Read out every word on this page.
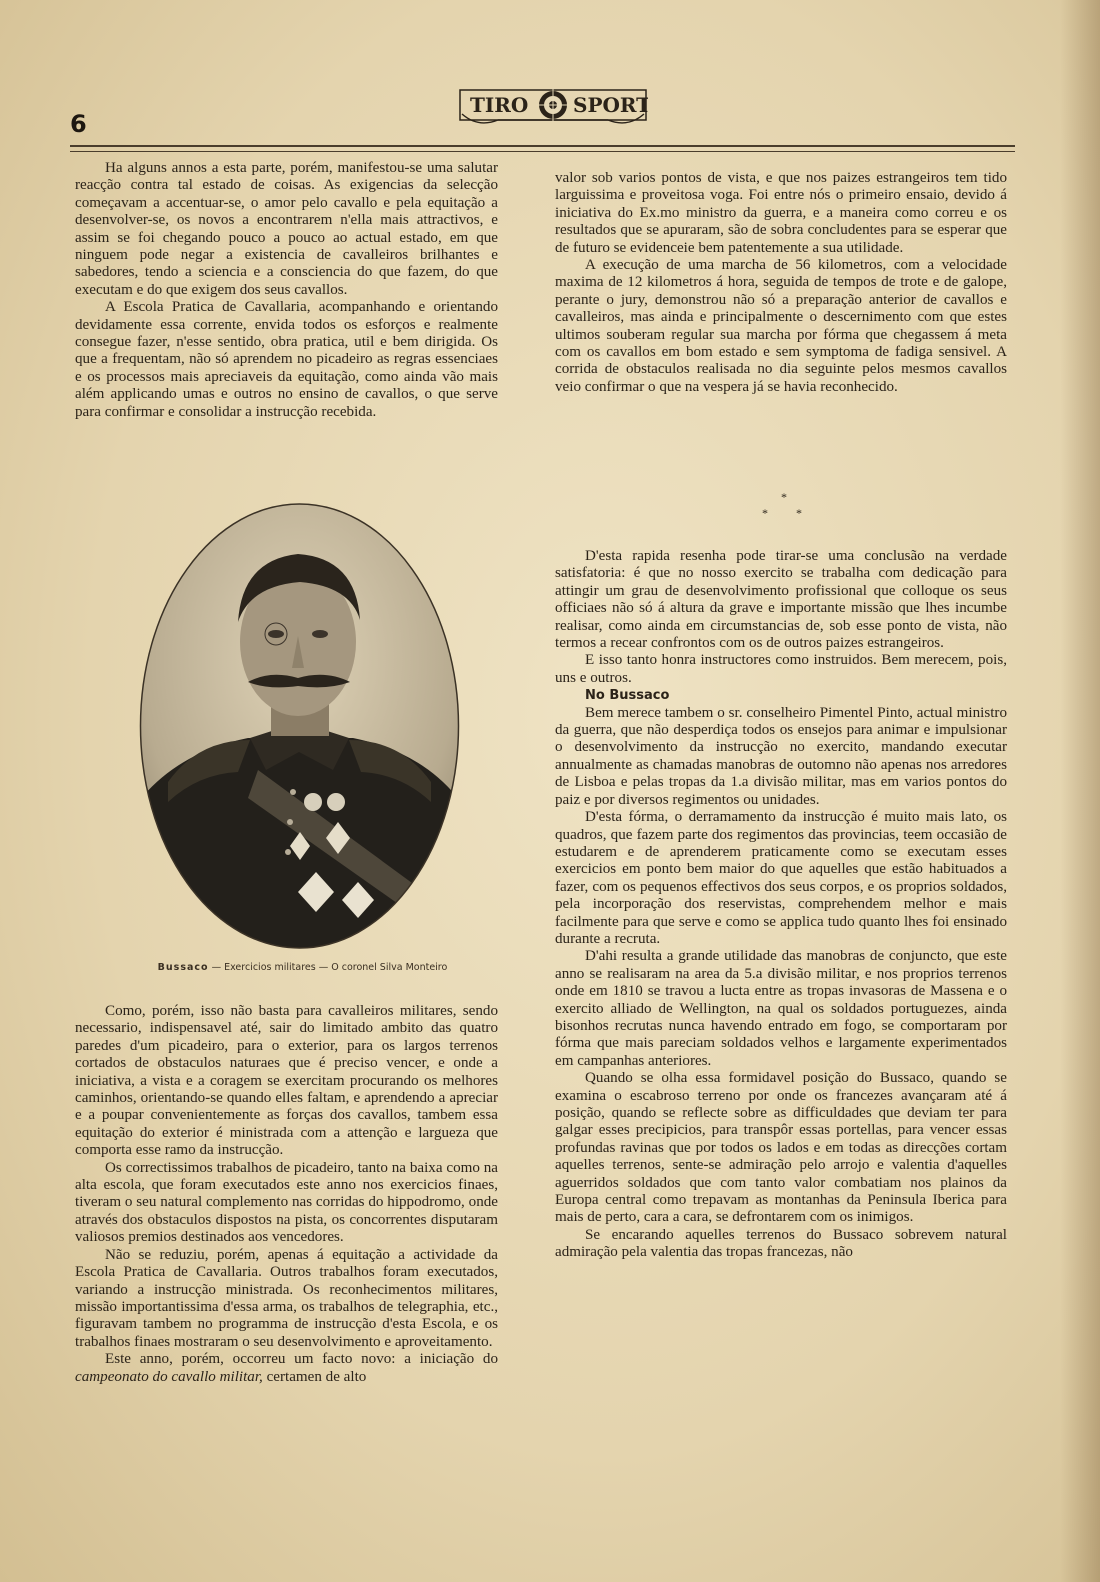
6
TIRO SPORT

Ha alguns annos a esta parte, porém, manifestou-se uma salutar reacção contra tal estado de coisas. As exigencias da selecção começavam a accentuar-se, o amor pelo cavallo e pela equitação a desenvolver-se, os novos a encontrarem n'ella mais attractivos, e assim se foi chegando pouco a pouco ao actual estado, em que ninguem pode negar a existencia de cavalleiros brilhantes e sabedores, tendo a sciencia e a consciencia do que fazem, do que executam e do que exigem dos seus cavallos.

A Escola Pratica de Cavallaria, acompanhando e orientando devidamente essa corrente, envida todos os esforços e realmente consegue fazer, n'esse sentido, obra pratica, util e bem dirigida. Os que a frequentam, não só aprendem no picadeiro as regras essenciaes e os processos mais apreciaveis da equitação, como ainda vão mais além applicando umas e outros no ensino de cavallos, o que serve para confirmar e consolidar a instrucção recebida.

valor sob varios pontos de vista, e que nos paizes estrangeiros tem tido larguissima e proveitosa voga. Foi entre nós o primeiro ensaio, devido á iniciativa do Ex.mo ministro da guerra, e a maneira como correu e os resultados que se apuraram, são de sobra concludentes para se esperar que de futuro se evidenceie bem patentemente a sua utilidade.

A execução de uma marcha de 56 kilometros, com a velocidade maxima de 12 kilometros á hora, seguida de tempos de trote e de galope, perante o jury, demonstrou não só a preparação anterior de cavallos e cavalleiros, mas ainda e principalmente o descernimento com que estes ultimos souberam regular sua marcha por fórma que chegassem á meta com os cavallos em bom estado e sem symptoma de fadiga sensivel. A corrida de obstaculos realisada no dia seguinte pelos mesmos cavallos veio confirmar o que na vespera já se havia reconhecido.

*
* *
Bussaco — Exercicios militares — O coronel Silva Monteiro

Como, porém, isso não basta para cavalleiros militares, sendo necessario, indispensavel até, sair do limitado ambito das quatro paredes d'um picadeiro, para o exterior, para os largos terrenos cortados de obstaculos naturaes que é preciso vencer, e onde a iniciativa, a vista e a coragem se exercitam procurando os melhores caminhos, orientando-se quando elles faltam, e aprendendo a apreciar e a poupar convenientemente as forças dos cavallos, tambem essa equitação do exterior é ministrada com a attenção e largueza que comporta esse ramo da instrucção.

Os correctissimos trabalhos de picadeiro, tanto na baixa como na alta escola, que foram executados este anno nos exercicios finaes, tiveram o seu natural complemento nas corridas do hippodromo, onde através dos obstaculos dispostos na pista, os concorrentes disputaram valiosos premios destinados aos vencedores.

Não se reduziu, porém, apenas á equitação a actividade da Escola Pratica de Cavallaria. Outros trabalhos foram executados, variando a instrucção ministrada. Os reconhecimentos militares, missão importantissima d'essa arma, os trabalhos de telegraphia, etc., figuravam tambem no programma de instrucção d'esta Escola, e os trabalhos finaes mostraram o seu desenvolvimento e aproveitamento.

Este anno, porém, occorreu um facto novo: a iniciação do campeonato do cavallo militar, certamen de alto

D'esta rapida resenha pode tirar-se uma conclusão na verdade satisfatoria: é que no nosso exercito se trabalha com dedicação para attingir um grau de desenvolvimento profissional que colloque os seus officiaes não só á altura da grave e importante missão que lhes incumbe realisar, como ainda em circumstancias de, sob esse ponto de vista, não termos a recear confrontos com os de outros paizes estrangeiros.

E isso tanto honra instructores como instruidos. Bem merecem, pois, uns e outros.

No Bussaco

Bem merece tambem o sr. conselheiro Pimentel Pinto, actual ministro da guerra, que não desperdiça todos os ensejos para animar e impulsionar o desenvolvimento da instrucção no exercito, mandando executar annualmente as chamadas manobras de outomno não apenas nos arredores de Lisboa e pelas tropas da 1.a divisão militar, mas em varios pontos do paiz e por diversos regimentos ou unidades.

D'esta fórma, o derramamento da instrucção é muito mais lato, os quadros, que fazem parte dos regimentos das provincias, teem occasião de estudarem e de aprenderem praticamente como se executam esses exercicios em ponto bem maior do que aquelles que estão habituados a fazer, com os pequenos effectivos dos seus corpos, e os proprios soldados, pela incorporação dos reservistas, comprehendem melhor e mais facilmente para que serve e como se applica tudo quanto lhes foi ensinado durante a recruta.

D'ahi resulta a grande utilidade das manobras de conjuncto, que este anno se realisaram na area da 5.a divisão militar, e nos proprios terrenos onde em 1810 se travou a lucta entre as tropas invasoras de Massena e o exercito alliado de Wellington, na qual os soldados portuguezes, ainda bisonhos recrutas nunca havendo entrado em fogo, se comportaram por fórma que mais pareciam soldados velhos e largamente experimentados em campanhas anteriores.

Quando se olha essa formidavel posição do Bussaco, quando se examina o escabroso terreno por onde os francezes avançaram até á posição, quando se reflecte sobre as difficuldades que deviam ter para galgar esses precipicios, para transpôr essas portellas, para vencer essas profundas ravinas que por todos os lados e em todas as direcções cortam aquelles terrenos, sente-se admiração pelo arrojo e valentia d'aquelles aguerridos soldados que com tanto valor combatiam nos plainos da Europa central como trepavam as montanhas da Peninsula Iberica para mais de perto, cara a cara, se defrontarem com os inimigos.

Se encarando aquelles terrenos do Bussaco sobrevem natural admiração pela valentia das tropas francezas, não
